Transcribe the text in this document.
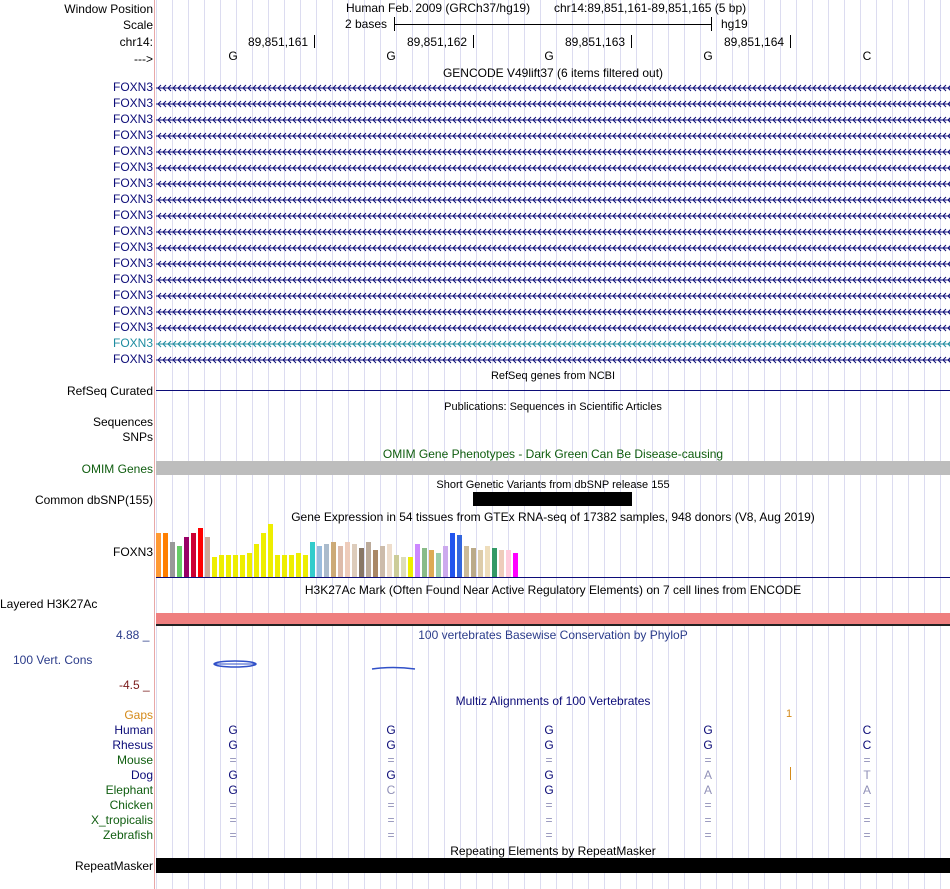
Window Position	Human Feb. 2009 (GRCh37/hg19) chr14:89,851,161-89,851,165 (5 bp)
Scale	2 bases	hg19
chr14:	89,851,161	89,851,162	89,851,163	89,851,164
--->	G	G	G	G	C
GENCODE V49lift37 (6 items filtered out)
FOXN3
FOXN3
FOXN3
FOXN3
FOXN3
FOXN3
FOXN3
FOXN3
FOXN3
FOXN3
FOXN3
FOXN3
FOXN3
FOXN3
FOXN3
FOXN3
FOXN3
FOXN3
RefSeq genes from NCBI
RefSeq Curated
Publications: Sequences in Scientific Articles
Sequences
SNPs
OMIM Gene Phenotypes - Dark Green Can Be Disease-causing
OMIM Genes
Short Genetic Variants from dbSNP release 155
Common dbSNP(155)
Gene Expression in 54 tissues from GTEx RNA-seq of 17382 samples, 948 donors (V8, Aug 2019)
FOXN3
H3K27Ac Mark (Often Found Near Active Regulatory Elements) on 7 cell lines from ENCODE
Layered H3K27Ac
100 vertebrates Basewise Conservation by PhyloP
4.88 _
100 Vert. Cons
-4.5 _
Multiz Alignments of 100 Vertebrates
Gaps	1
Human	G	G	G	G	C
Rhesus	G	G	G	G	C
Mouse	=	=	=	=	=
Dog	G	G	G	A	T
Elephant	G	C	G	A	A
Chicken	=	=	=	=	=
X_tropicalis	=	=	=	=	=
Zebrafish	=	=	=	=	=
Repeating Elements by RepeatMasker
RepeatMasker
